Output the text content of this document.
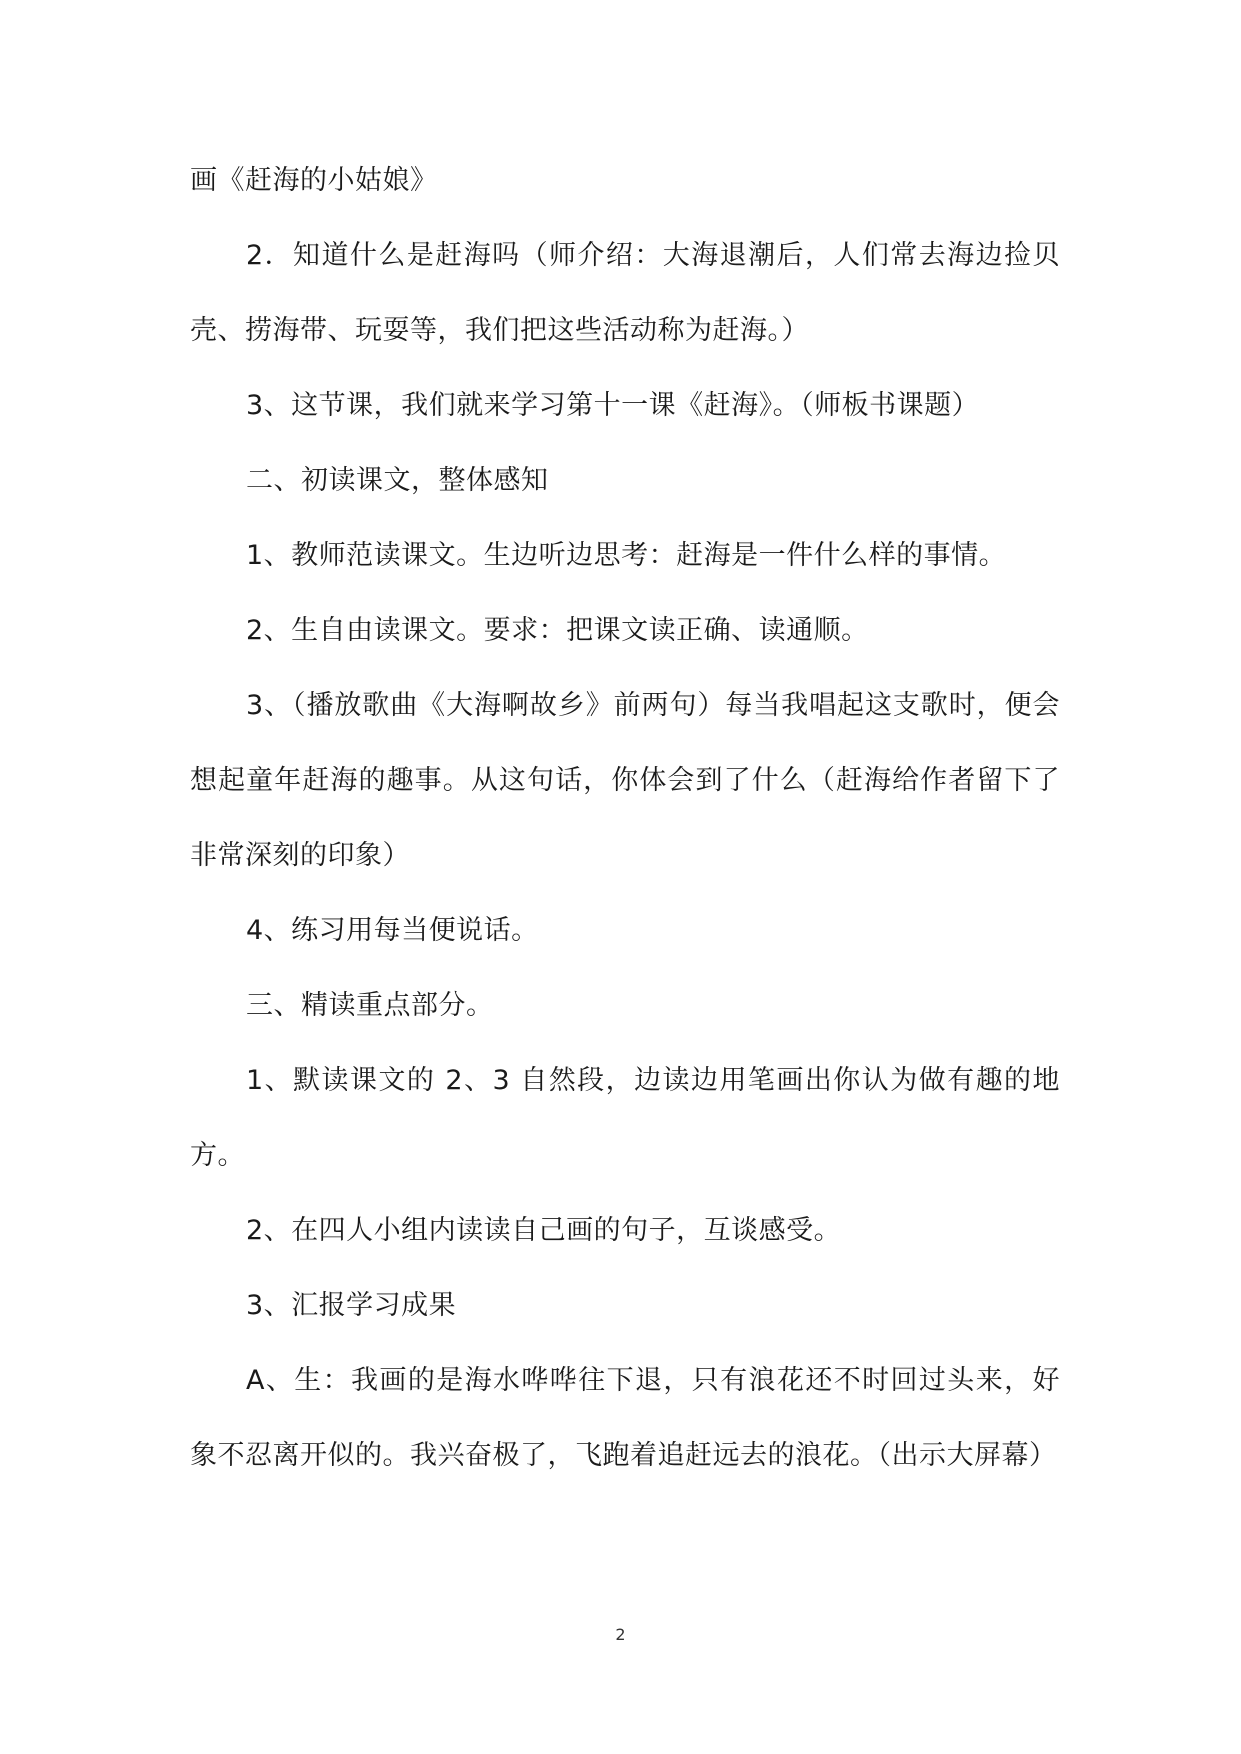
画《赶海的小姑娘》

2．知道什么是赶海吗（师介绍：大海退潮后，人们常去海边捡贝壳、捞海带、玩耍等，我们把这些活动称为赶海。）

3、这节课，我们就来学习第十一课《赶海》。（师板书课题）

二、初读课文，整体感知

1、教师范读课文。生边听边思考：赶海是一件什么样的事情。

2、生自由读课文。要求：把课文读正确、读通顺。

3、（播放歌曲《大海啊故乡》前两句）每当我唱起这支歌时，便会想起童年赶海的趣事。从这句话，你体会到了什么（赶海给作者留下了非常深刻的印象）

4、练习用每当便说话。

三、精读重点部分。

1、默读课文的 2、3 自然段，边读边用笔画出你认为做有趣的地方。

2、在四人小组内读读自己画的句子，互谈感受。

3、汇报学习成果

A、生：我画的是海水哗哗往下退，只有浪花还不时回过头来，好象不忍离开似的。我兴奋极了，飞跑着追赶远去的浪花。（出示大屏幕）

2
